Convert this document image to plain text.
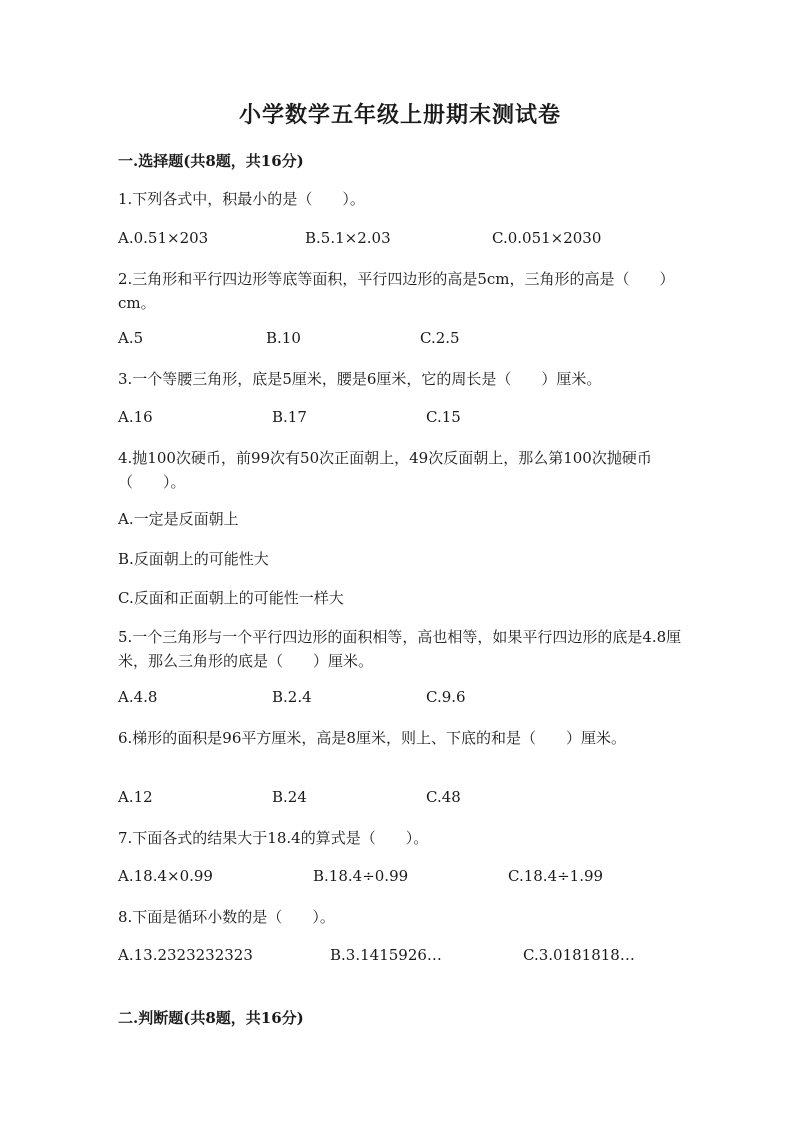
小学数学五年级上册期末测试卷
一.选择题(共8题，共16分)
1.下列各式中，积最小的是（　　）。
A.0.51×203	B.5.1×2.03	C.0.051×2030
2.三角形和平行四边形等底等面积，平行四边形的高是5cm，三角形的高是（　　）cm。
A.5	B.10	C.2.5
3.一个等腰三角形，底是5厘米，腰是6厘米，它的周长是（　　）厘米。
A.16	B.17	C.15
4.抛100次硬币，前99次有50次正面朝上，49次反面朝上，那么第100次抛硬币（　　）。
A.一定是反面朝上
B.反面朝上的可能性大
C.反面和正面朝上的可能性一样大
5.一个三角形与一个平行四边形的面积相等，高也相等，如果平行四边形的底是4.8厘米，那么三角形的底是（　　）厘米。
A.4.8	B.2.4	C.9.6
6.梯形的面积是96平方厘米，高是8厘米，则上、下底的和是（　　）厘米。
A.12	B.24	C.48
7.下面各式的结果大于18.4的算式是（　　）。
A.18.4×0.99	B.18.4÷0.99	C.18.4÷1.99
8.下面是循环小数的是（　　）。
A.13.2323232323	B.3.1415926…	C.3.0181818…
二.判断题(共8题，共16分)
